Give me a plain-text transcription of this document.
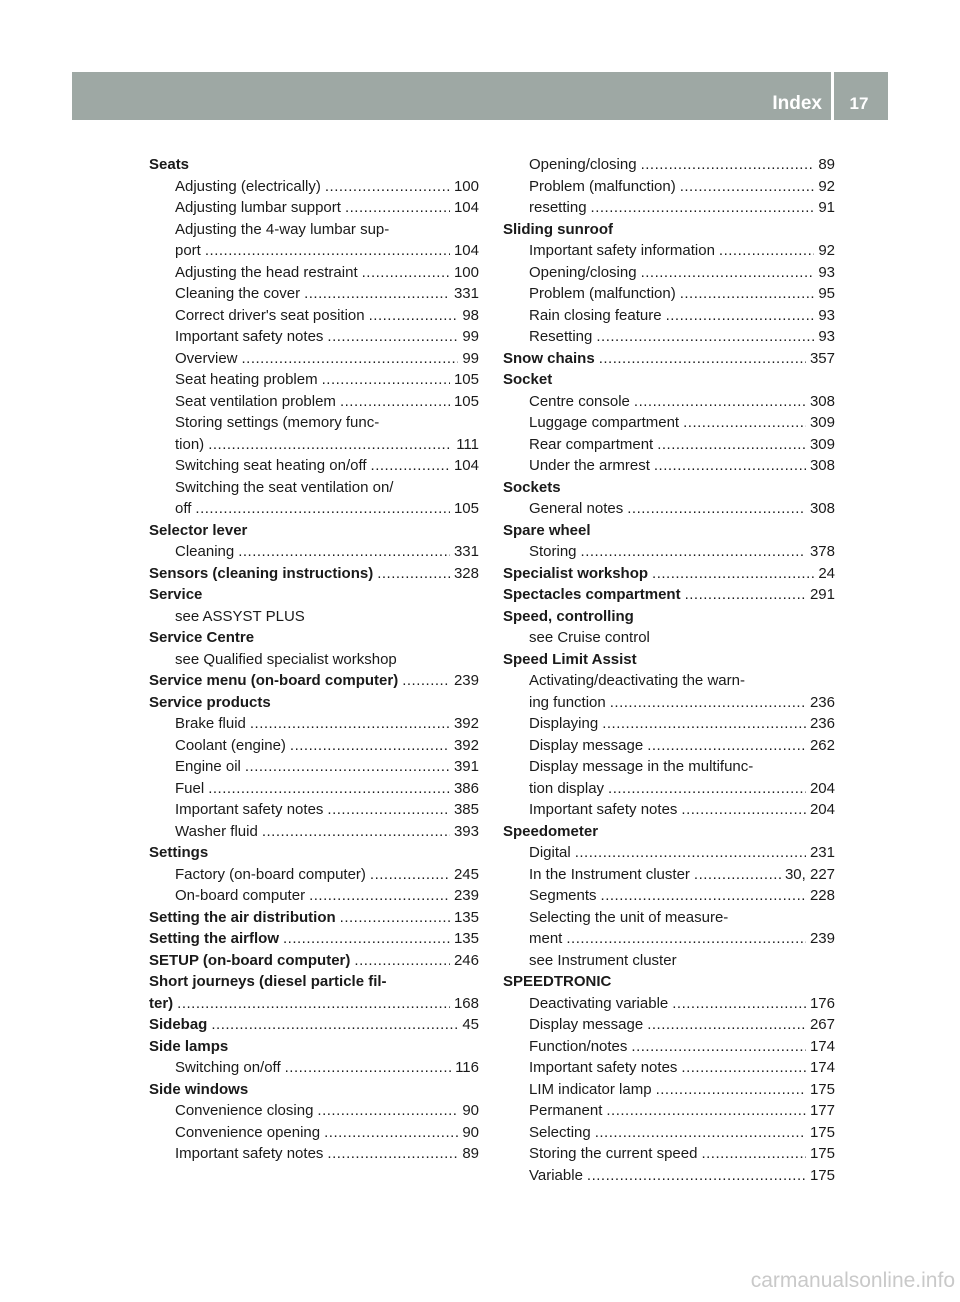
Index	17
Seats
Adjusting (electrically) .....	100
Adjusting lumbar support .....	104
Adjusting the 4-way lumbar sup-
port .....	104
Adjusting the head restraint .....	100
Cleaning the cover .....	331
Correct driver's seat position .....	98
Important safety notes .....	99
Overview .....	99
Seat heating problem .....	105
Seat ventilation problem .....	105
Storing settings (memory func-
tion) .....	111
Switching seat heating on/off .....	104
Switching the seat ventilation on/
off .....	105
Selector lever
Cleaning .....	331
Sensors (cleaning instructions) .....	328
Service
see ASSYST PLUS
Service Centre
see Qualified specialist workshop
Service menu (on-board computer) .....	239
Service products
Brake fluid .....	392
Coolant (engine) .....	392
Engine oil .....	391
Fuel .....	386
Important safety notes .....	385
Washer fluid .....	393
Settings
Factory (on-board computer) .....	245
On-board computer .....	239
Setting the air distribution .....	135
Setting the airflow .....	135
SETUP (on-board computer) .....	246
Short journeys (diesel particle fil-
ter) .....	168
Sidebag .....	45
Side lamps
Switching on/off .....	116
Side windows
Convenience closing .....	90
Convenience opening .....	90
Important safety notes .....	89
Opening/closing .....	89
Problem (malfunction) .....	92
resetting .....	91
Sliding sunroof
Important safety information .....	92
Opening/closing .....	93
Problem (malfunction) .....	95
Rain closing feature .....	93
Resetting .....	93
Snow chains .....	357
Socket
Centre console .....	308
Luggage compartment .....	309
Rear compartment .....	309
Under the armrest .....	308
Sockets
General notes .....	308
Spare wheel
Storing .....	378
Specialist workshop .....	24
Spectacles compartment .....	291
Speed, controlling
see Cruise control
Speed Limit Assist
Activating/deactivating the warn-
ing function .....	236
Displaying .....	236
Display message .....	262
Display message in the multifunc-
tion display .....	204
Important safety notes .....	204
Speedometer
Digital .....	231
In the Instrument cluster .....	30, 227
Segments .....	228
Selecting the unit of measure-
ment .....	239
see Instrument cluster
SPEEDTRONIC
Deactivating variable .....	176
Display message .....	267
Function/notes .....	174
Important safety notes .....	174
LIM indicator lamp .....	175
Permanent .....	177
Selecting .....	175
Storing the current speed .....	175
Variable .....	175
carmanualsonline.info
